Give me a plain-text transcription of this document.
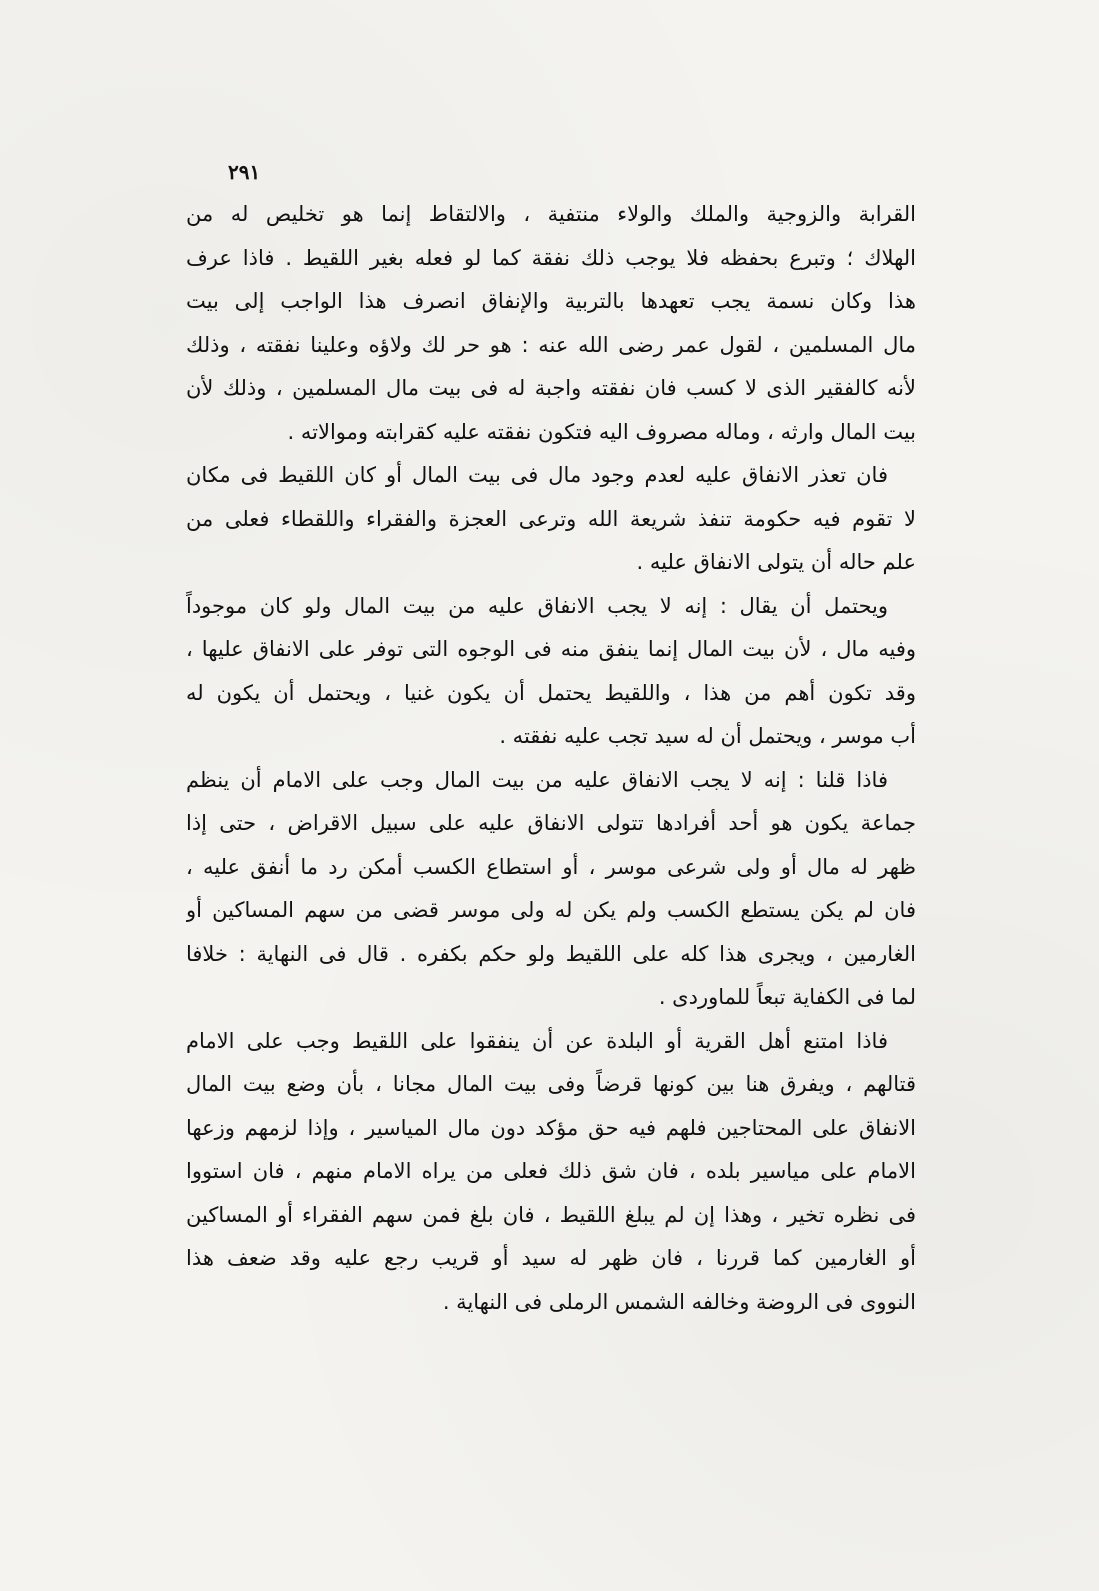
٢٩١
القرابة والزوجية والملك والولاء منتفية ، والالتقاط إنما هو تخليص له من
الهلاك ؛ وتبرع بحفظه فلا يوجب ذلك نفقة كما لو فعله بغير اللقيط . فاذا عرف
هذا وكان نسمة يجب تعهدها بالتربية والإنفاق انصرف هذا الواجب إلى بيت
مال المسلمين ، لقول عمر رضى الله عنه : هو حر لك ولاؤه وعلينا نفقته ، وذلك
لأنه كالفقير الذى لا كسب فان نفقته واجبة له فى بيت مال المسلمين ، وذلك لأن
بيت المال وارثه ، وماله مصروف اليه فتكون نفقته عليه كقرابته وموالاته .
فان تعذر الانفاق عليه لعدم وجود مال فى بيت المال أو كان اللقيط فى مكان
لا تقوم فيه حكومة تنفذ شريعة الله وترعى العجزة والفقراء واللقطاء فعلى من
علم حاله أن يتولى الانفاق عليه .
ويحتمل أن يقال : إنه لا يجب الانفاق عليه من بيت المال ولو كان موجوداً
وفيه مال ، لأن بيت المال إنما ينفق منه فى الوجوه التى توفر على الانفاق عليها ،
وقد تكون أهم من هذا ، واللقيط يحتمل أن يكون غنيا ، ويحتمل أن يكون له
أب موسر ، ويحتمل أن له سيد تجب عليه نفقته .
فاذا قلنا : إنه لا يجب الانفاق عليه من بيت المال وجب على الامام أن ينظم
جماعة يكون هو أحد أفرادها تتولى الانفاق عليه على سبيل الاقراض ، حتى إذا
ظهر له مال أو ولى شرعى موسر ، أو استطاع الكسب أمكن رد ما أنفق عليه ،
فان لم يكن يستطع الكسب ولم يكن له ولى موسر قضى من سهم المساكين أو
الغارمين ، ويجرى هذا كله على اللقيط ولو حكم بكفره . قال فى النهاية : خلافا
لما فى الكفاية تبعاً للماوردى .
فاذا امتنع أهل القرية أو البلدة عن أن ينفقوا على اللقيط وجب على الامام
قتالهم ، ويفرق هنا بين كونها قرضاً وفى بيت المال مجانا ، بأن وضع بيت المال
الانفاق على المحتاجين فلهم فيه حق مؤكد دون مال المياسير ، وإذا لزمهم وزعها
الامام على مياسير بلده ، فان شق ذلك فعلى من يراه الامام منهم ، فان استووا
فى نظره تخير ، وهذا إن لم يبلغ اللقيط ، فان بلغ فمن سهم الفقراء أو المساكين
أو الغارمين كما قررنا ، فان ظهر له سيد أو قريب رجع عليه وقد ضعف هذا
النووى فى الروضة وخالفه الشمس الرملى فى النهاية .
